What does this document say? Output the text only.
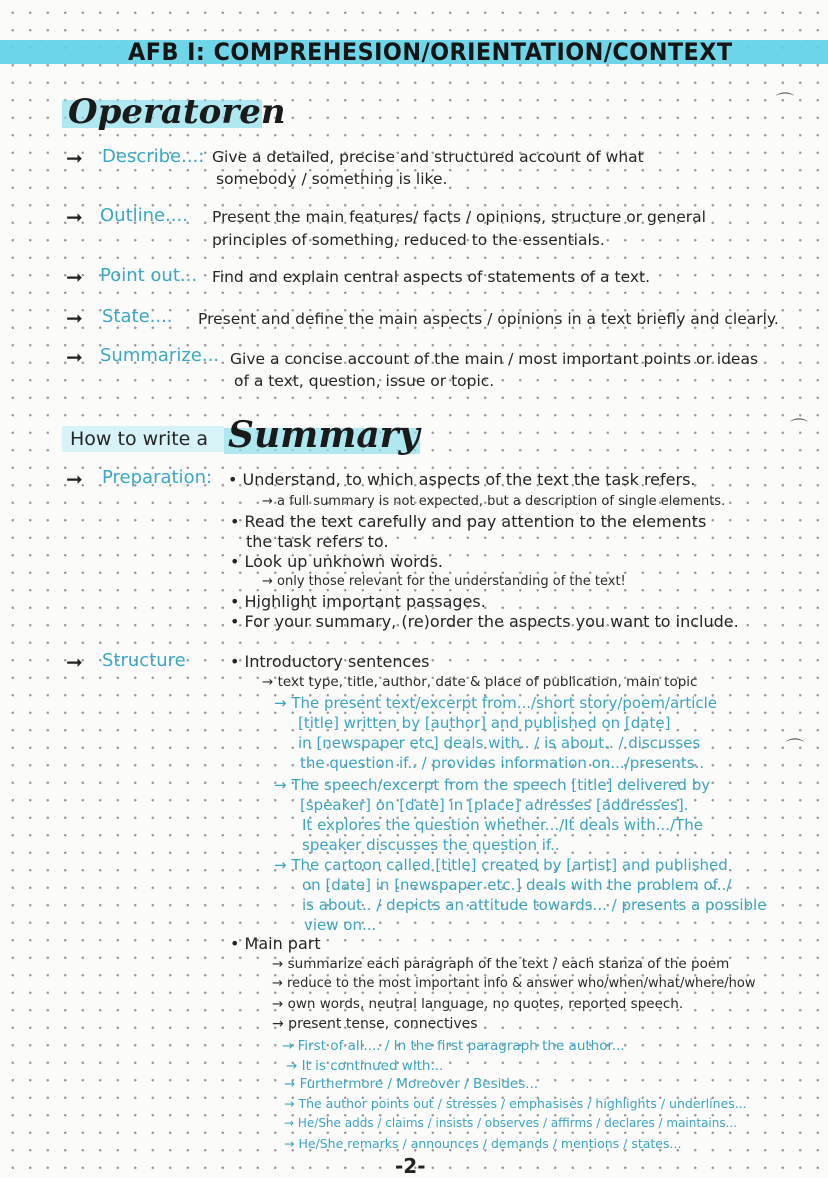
AFB I: COMPREHESION/ORIENTATION/CONTEXT
Operatoren
➞ Describe...: Give a detailed, precise and structured account of what
somebody / something is like.
➞ Outline.... Present the main features/ facts / opinions, structure or general
principles of something, reduced to the essentials.
➞ Point out... Find and explain central aspects of statements of a text.
➞ State.... Present and define the main aspects / opinions in a text briefly and clearly.
➞ Summarize... Give a concise account of the main / most important points or ideas
of a text, question, issue or topic.
How to write a Summary
➞ Preparation: • Understand, to which aspects of the text the task refers.
→ a full summary is not expected, but a description of single elements.
• Read the text carefully and pay attention to the elements
the task refers to.
• Look up unknown words.
→ only those relevant for the understanding of the text!
• Highlight important passages.
• For your summary, (re)order the aspects you want to include.
➞ Structure	• Introductory sentences
→ text type, title, author, date & place of publication, main topic
→ The present text/excerpt from.../short story/poem/article
[title] written by [author] and published on [date]
in [newspaper etc] deals with.. / is about.. / discusses
the question if.. / provides information on.../presents..
→ The speech/excerpt from the speech [title] delivered by
[speaker] on [date] in [place] adresses [addresses].
It explores the question whether.../It deals with.../The
speaker discusses the question if..
→ The cartoon called [title] created by [artist] and published
on [date] in [newspaper etc.] deals with the problem of../
is about.. / depicts an attitude towards... / presents a possible
view on...
• Main part
→ summarize each paragraph of the text / each stanza of the poem
→ reduce to the most important info & answer who/when/what/where/how
→ own words, neutral language, no quotes, reported speech.
→ present tense, connectives
→ First of all.... / In the first paragraph the author...
→ It is continued with...
→ Furthermore / Moreover / Besides...
→ The author points out / stresses / emphasises / highlights / underlines...
→ He/She adds / claims / insists / observes / affirms / declares / maintains...
→ He/She remarks / announces / demands / mentions / states...
⌒
⌒
⌒
-2-
